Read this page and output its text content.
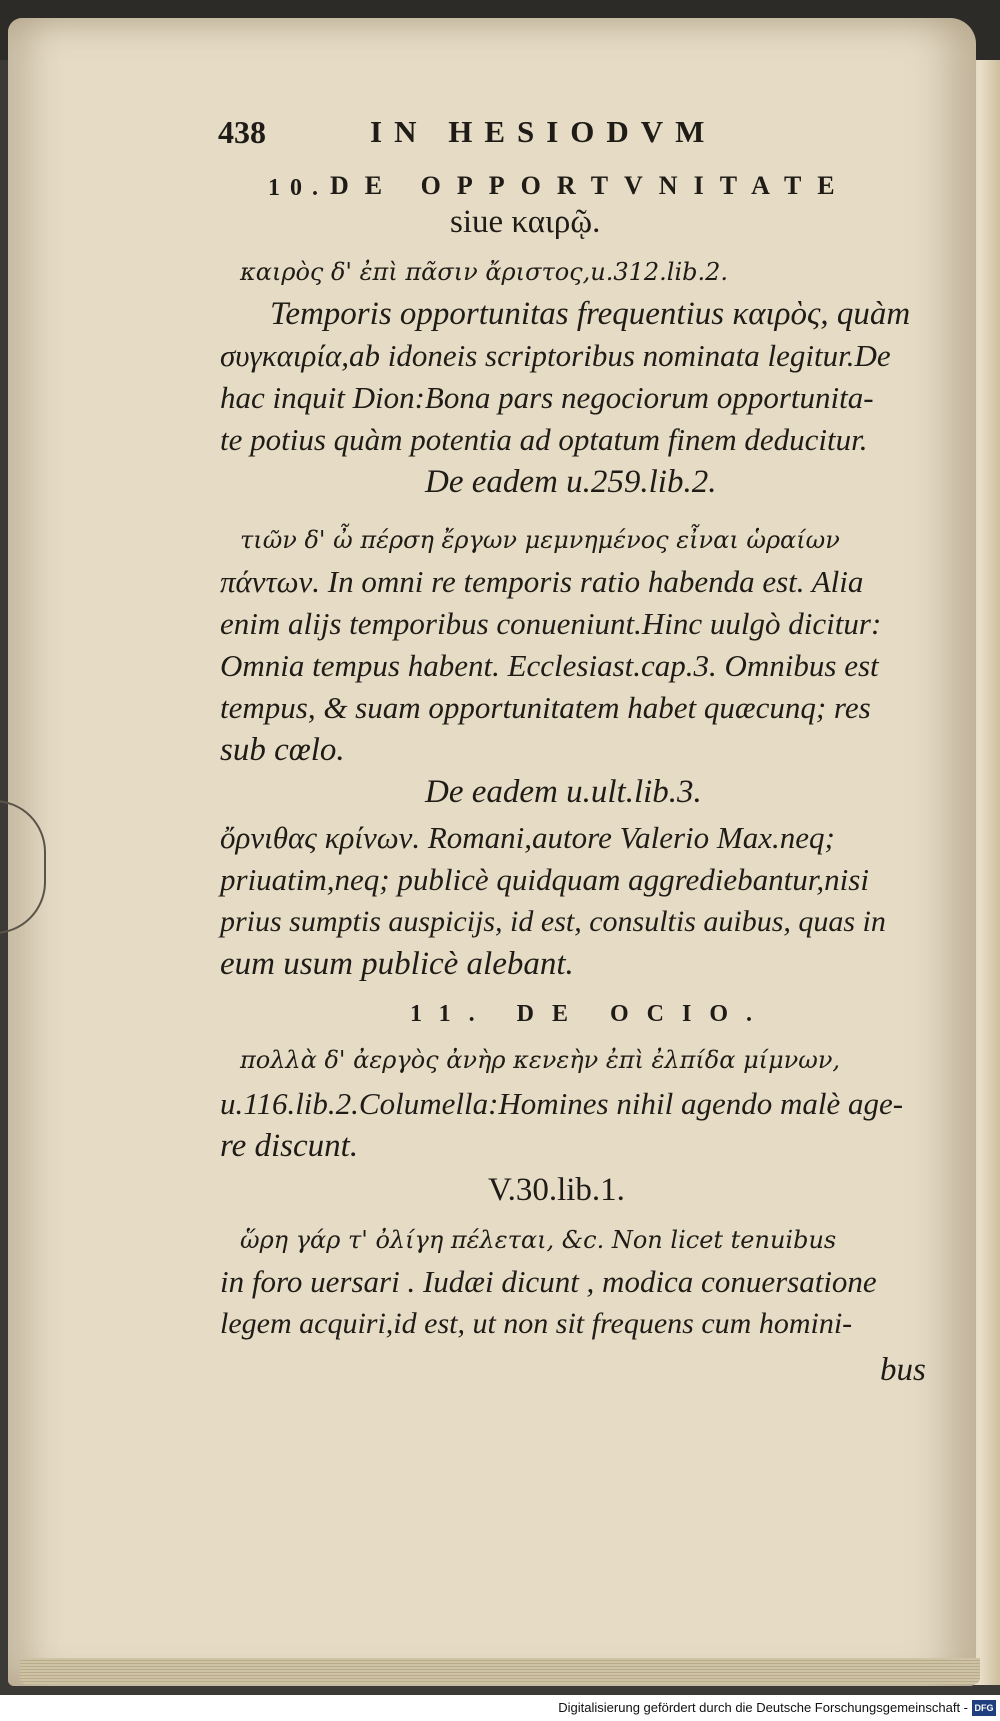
438	IN HESIODVM
10. DE OPPORTVNITATE
siue καιρῷ.
καιρὸς δ' ἐπὶ πᾶσιν ἄριστος,u.312.lib.2.
Temporis opportunitas frequentius καιρὸς, quàm
συγκαιρία,ab idoneis scriptoribus nominata legitur.De
hac inquit Dion:Bona pars negociorum opportunita-
te potius quàm potentia ad optatum finem deducitur.
De eadem u.259.lib.2.
τιῶν δ' ὦ πέρση ἔργων μεμνημένος εἶναι ὡραίων
πάντων. In omni re temporis ratio habenda est. Alia
enim alijs temporibus conueniunt.Hinc uulgò dicitur:
Omnia tempus habent. Ecclesiast.cap.3. Omnibus est
tempus, & suam opportunitatem habet quæcunq; res
sub cœlo.
De eadem u.ult.lib.3.
ὄρνιθας κρίνων. Romani,autore Valerio Max.neq;
priuatim,neq; publicè quidquam aggrediebantur,nisi
prius sumptis auspicijs, id est, consultis auibus, quas in
eum usum publicè alebant.
11. DE OCIO.
πολλὰ δ' ἀεργὸς ἀνὴρ κενεὴν ἐπὶ ἐλπίδα μίμνων,
u.116.lib.2.Columella:Homines nihil agendo malè age-
re discunt.
V.30.lib.1.
ὥρη γάρ τ' ὀλίγη πέλεται, &c. Non licet tenuibus
in foro uersari . Iudæi dicunt , modica conuersatione
legem acquiri,id est, ut non sit frequens cum homini-
bus
Digitalisierung gefördert durch die Deutsche Forschungsgemeinschaft - DFG
